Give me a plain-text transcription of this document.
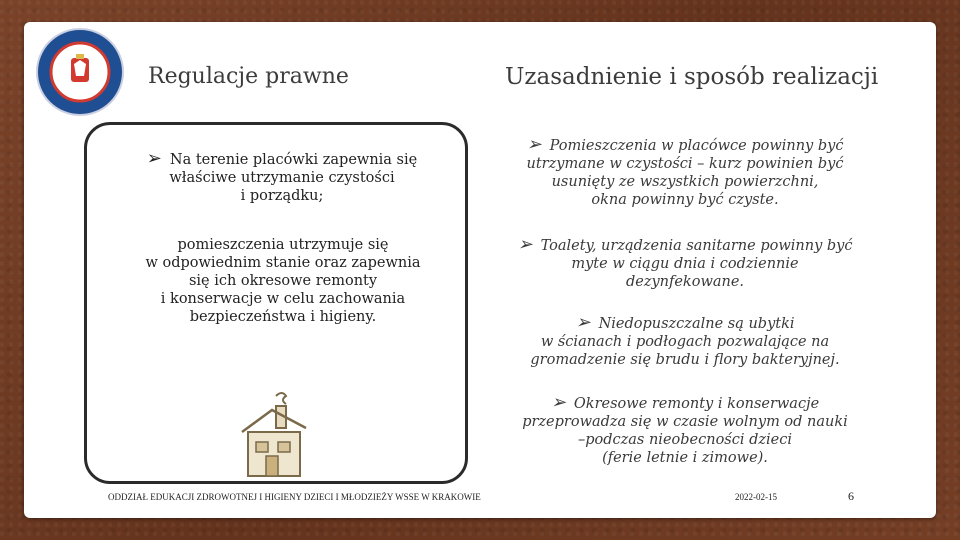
Regulacje prawne	Uzasadnienie i sposób realizacji
➢ Na terenie placówki zapewnia się
właściwe utrzymanie czystości
i porządku;
pomieszczenia utrzymuje się
w odpowiednim stanie oraz zapewnia
się ich okresowe remonty
i konserwacje w celu zachowania
bezpieczeństwa i higieny.
➢ Pomieszczenia w placówce powinny być
utrzymane w czystości – kurz powinien być
usunięty ze wszystkich powierzchni,
okna powinny być czyste.
➢ Toalety, urządzenia sanitarne powinny być
myte w ciągu dnia i codziennie
dezynfekowane.
➢ Niedopuszczalne są ubytki
w ścianach i podłogach pozwalające na
gromadzenie się brudu i flory bakteryjnej.
➢ Okresowe remonty i konserwacje
przeprowadza się w czasie wolnym od nauki
–podczas nieobecności dzieci
(ferie letnie i zimowe).
ODDZIAŁ EDUKACJI ZDROWOTNEJ I HIGIENY DZIECI I MŁODZIEŻY WSSE W KRAKOWIE	2022-02-15	6
